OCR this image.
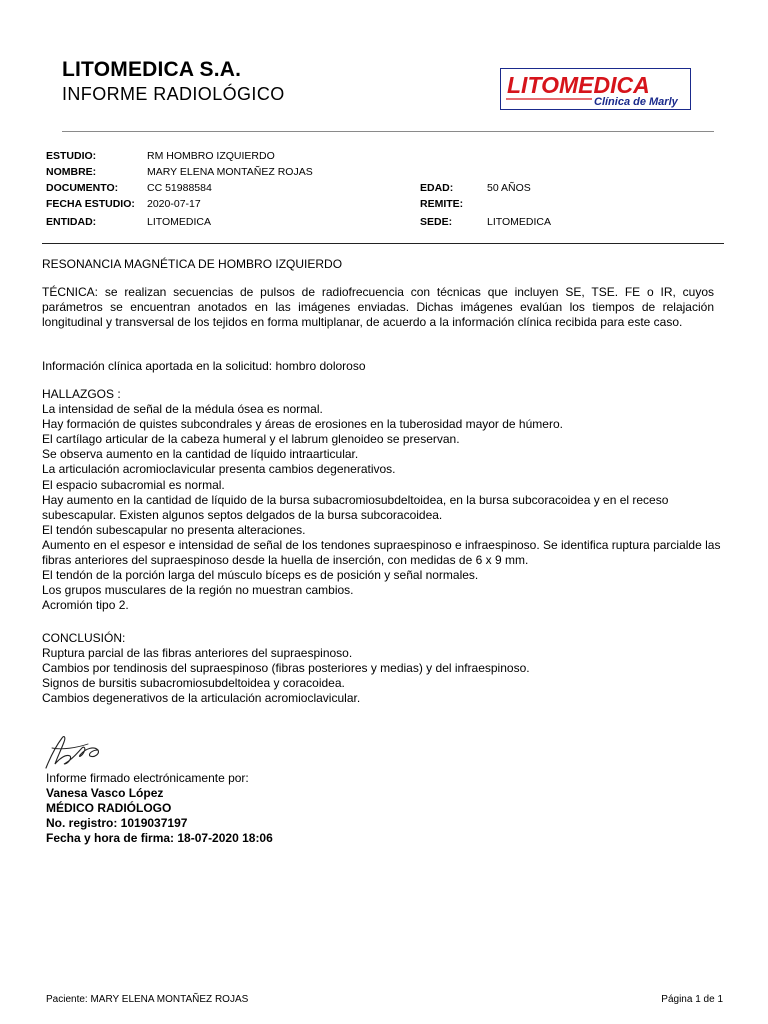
LITOMEDICA S.A.
INFORME RADIOLÓGICO	LITOMEDICA
Clínica de Marly
ESTUDIO:	RM HOMBRO IZQUIERDO
NOMBRE:	MARY ELENA MONTAÑEZ ROJAS
DOCUMENTO:	CC 51988584	EDAD:	50 AÑOS
FECHA ESTUDIO: 2020-07-17	REMITE:
ENTIDAD:	LITOMEDICA	SEDE:	LITOMEDICA
RESONANCIA MAGNÉTICA DE HOMBRO IZQUIERDO
TÉCNICA: se realizan secuencias de pulsos de radiofrecuencia con técnicas que incluyen SE, TSE. FE o IR, cuyos parámetros se encuentran anotados en las imágenes enviadas. Dichas imágenes evalúan los tiempos de relajación longitudinal y transversal de los tejidos en forma multiplanar, de acuerdo a la información clínica recibida para este caso.
Información clínica aportada en la solicitud: hombro doloroso

HALLAZGOS :

La intensidad de señal de la médula ósea es normal.

Hay formación de quistes subcondrales y áreas de erosiones en la tuberosidad mayor de húmero.

El cartílago articular de la cabeza humeral y el labrum glenoideo se preservan.

Se observa aumento en la cantidad de líquido intraarticular.

La articulación acromioclavicular presenta cambios degenerativos.

El espacio subacromial es normal.

Hay aumento en la cantidad de líquido de la bursa subacromiosubdeltoidea, en la bursa subcoracoidea y en el receso subescapular. Existen algunos septos delgados de la bursa subcoracoidea.

El tendón subescapular no presenta alteraciones.

Aumento en el espesor e intensidad de señal de los tendones supraespinoso e infraespinoso. Se identifica ruptura parcialde las fibras anteriores del supraespinoso desde la huella de inserción, con medidas de 6 x 9 mm.

El tendón de la porción larga del músculo bíceps es de posición y señal normales.

Los grupos musculares de la región no muestran cambios.

Acromión tipo 2.

CONCLUSIÓN:

Ruptura parcial de las fibras anteriores del supraespinoso.

Cambios por tendinosis del supraespinoso (fibras posteriores y medias) y del infraespinoso.

Signos de bursitis subacromiosubdeltoidea y coracoidea.

Cambios degenerativos de la articulación acromioclavicular.

Informe firmado electrónicamente por:
Vanesa Vasco López
MÉDICO RADIÓLOGO
No. registro: 1019037197
Fecha y hora de firma: 18-07-2020 18:06
Paciente: MARY ELENA MONTAÑEZ ROJAS	Página 1 de 1
